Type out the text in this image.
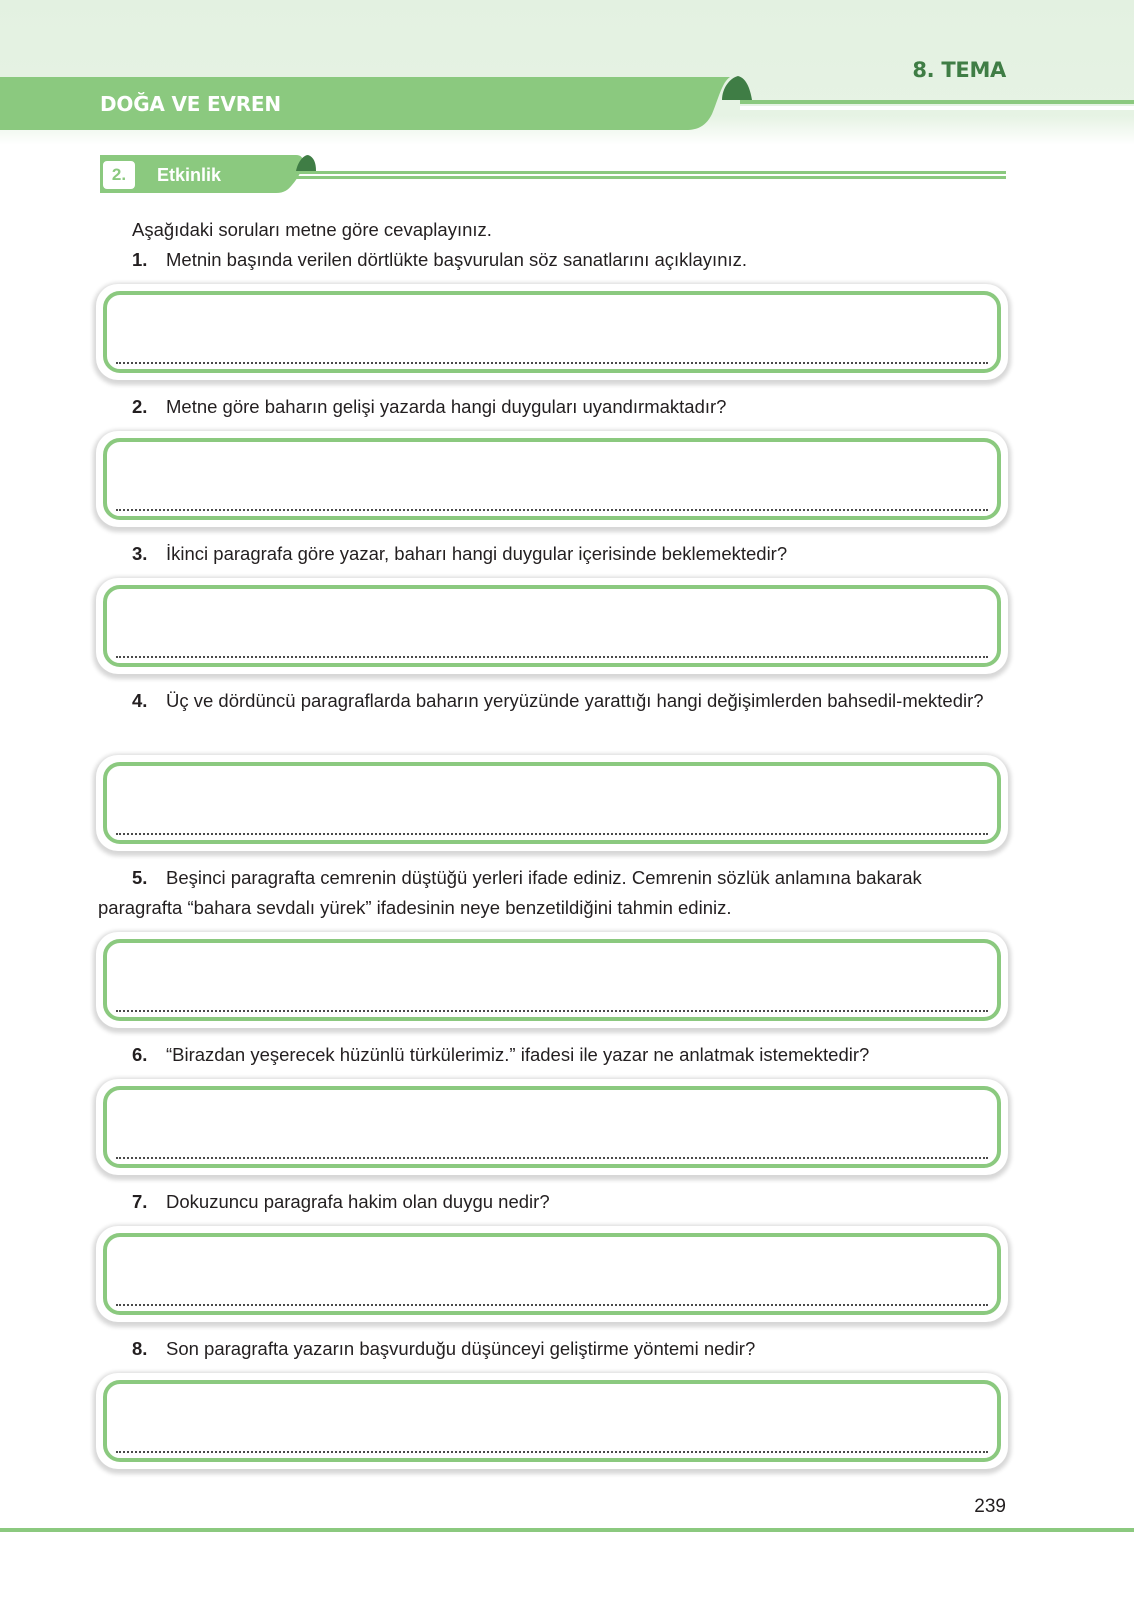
8. TEMA
DOĞA VE EVREN
2.	Etkinlik
Aşağıdaki soruları metne göre cevaplayınız.
1. Metnin başında verilen dörtlükte başvurulan söz sanatlarını açıklayınız.
2. Metne göre baharın gelişi yazarda hangi duyguları uyandırmaktadır?
3. İkinci paragrafa göre yazar, baharı hangi duygular içerisinde beklemektedir?
4. Üç ve dördüncü paragraflarda baharın yeryüzünde yarattığı hangi değişimlerden bahsedil-mektedir?
5. Beşinci paragrafta cemrenin düştüğü yerleri ifade ediniz. Cemrenin sözlük anlamına bakarak paragrafta “bahara sevdalı yürek” ifadesinin neye benzetildiğini tahmin ediniz.
6. “Birazdan yeşerecek hüzünlü türkülerimiz.” ifadesi ile yazar ne anlatmak istemektedir?
7. Dokuzuncu paragrafa hakim olan duygu nedir?
8. Son paragrafta yazarın başvurduğu düşünceyi geliştirme yöntemi nedir?
239
